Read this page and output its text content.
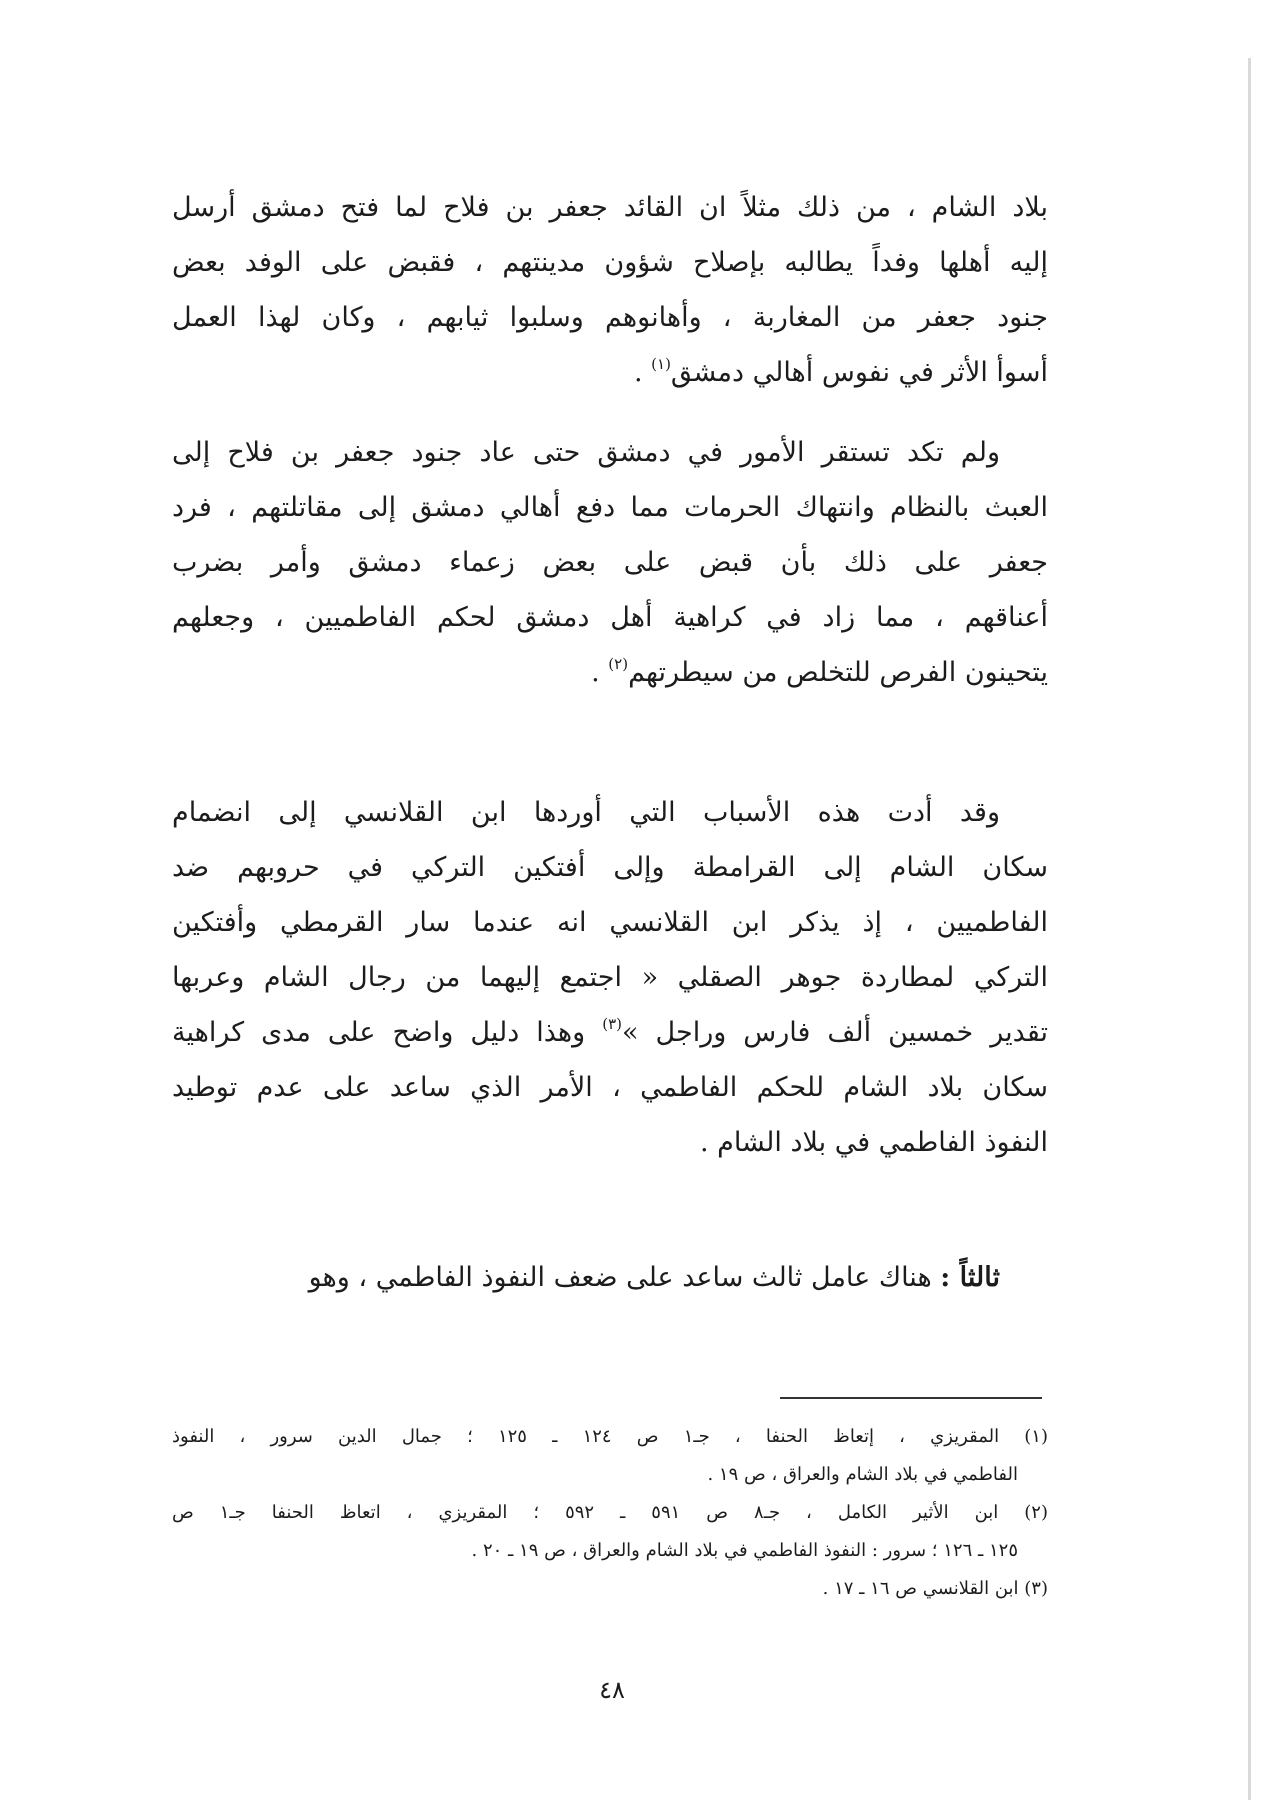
بلاد الشام ، من ذلك مثلاً ان القائد جعفر بن فلاح لما فتح دمشق أرسل
إليه أهلها وفداً يطالبه بإصلاح شؤون مدينتهم ، فقبض على الوفد بعض
جنود جعفر من المغاربة ، وأهانوهم وسلبوا ثيابهم ، وكان لهذا العمل
أسوأ الأثر في نفوس أهالي دمشق$^{(١)}$ .
ولم تكد تستقر الأمور في دمشق حتى عاد جنود جعفر بن فلاح إلى
العبث بالنظام وانتهاك الحرمات مما دفع أهالي دمشق إلى مقاتلتهم ، فرد
جعفر على ذلك بأن قبض على بعض زعماء دمشق وأمر بضرب
أعناقهم ، مما زاد في كراهية أهل دمشق لحكم الفاطميين ، وجعلهم
يتحينون الفرص للتخلص من سيطرتهم$^{(٢)}$ .
وقد أدت هذه الأسباب التي أوردها ابن القلانسي إلى انضمام
سكان الشام إلى القرامطة وإلى أفتكين التركي في حروبهم ضد
الفاطميين ، إذ يذكر ابن القلانسي انه عندما سار القرمطي وأفتكين
التركي لمطاردة جوهر الصقلي « اجتمع إليهما من رجال الشام وعربها
تقدير خمسين ألف فارس وراجل »$^{(٣)}$ وهذا دليل واضح على مدى كراهية
سكان بلاد الشام للحكم الفاطمي ، الأمر الذي ساعد على عدم توطيد
النفوذ الفاطمي في بلاد الشام .
ثالثاً : هناك عامل ثالث ساعد على ضعف النفوذ الفاطمي ، وهو
(١) المقريزي ، إتعاظ الحنفا ، جـ١ ص ١٢٤ ـ ١٢٥ ؛ جمال الدين سرور ، النفوذ
الفاطمي في بلاد الشام والعراق ، ص ١٩ .
(٢) ابن الأثير الكامل ، جـ٨ ص ٥٩١ ـ ٥٩٢ ؛ المقريزي ، اتعاظ الحنفا جـ١ ص
١٢٥ ـ ١٢٦ ؛ سرور : النفوذ الفاطمي في بلاد الشام والعراق ، ص ١٩ ـ ٢٠ .
(٣) ابن القلانسي ص ١٦ ـ ١٧ .
٤٨
